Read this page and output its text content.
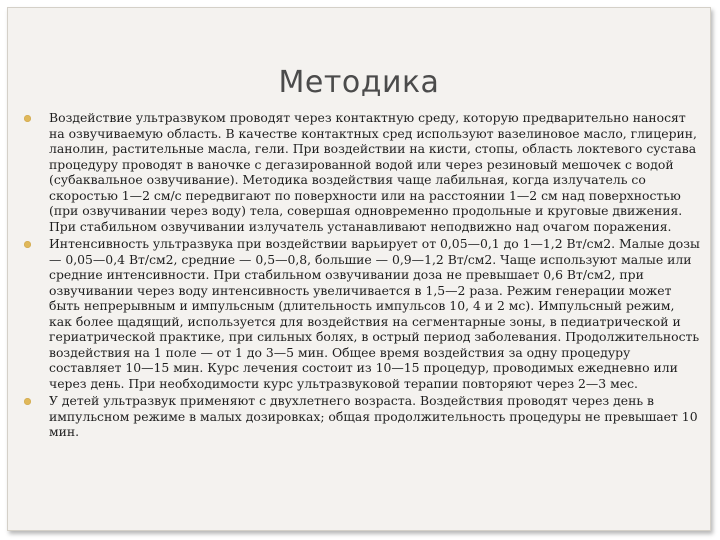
Методика
Воздействие ультразвуком проводят через контактную среду, которую предварительно наносят на озвучиваемую область. В качестве контактных сред используют вазелиновое масло, глицерин, ланолин, растительные масла, гели. При воздействии на кисти, стопы, область локтевого сустава процедуру проводят в ваночке с дегазированной водой или через резиновый мешочек с водой (субаквальное озвучивание). Методика воздействия чаще лабильная, когда излучатель со скоростью 1—2 см/с передвигают по поверхности или на расстоянии 1—2 см над поверхностью (при озвучивании через воду) тела, совершая одновременно продольные и круговые движения. При стабильном озвучивании излучатель устанавливают неподвижно над очагом поражения.
Интенсивность ультразвука при воздействии варьирует от 0,05—0,1 до 1—1,2 Вт/см2. Малые дозы — 0,05—0,4 Вт/см2, средние — 0,5—0,8, большие — 0,9—1,2 Вт/см2. Чаще используют малые или средние интенсивности. При стабильном озвучивании доза не превышает 0,6 Вт/см2, при озвучивании через воду интенсивность увеличивается в 1,5—2 раза. Режим генерации может быть непрерывным и импульсным (длительность импульсов 10, 4 и 2 мс). Импульсный режим, как более щадящий, используется для воздействия на сегментарные зоны, в педиатрической и гериатрической практике, при сильных болях, в острый период заболевания. Продолжительность воздействия на 1 поле — от 1 до 3—5 мин. Общее время воздействия за одну процедуру составляет 10—15 мин. Курс лечения состоит из 10—15 процедур, проводимых ежедневно или через день. При необходимости курс ультразвуковой терапии повторяют через 2—3 мес.
У детей ультразвук применяют с двухлетнего возраста. Воздействия проводят через день в импульсном режиме в малых дозировках; общая продолжительность процедуры не превышает 10 мин.
